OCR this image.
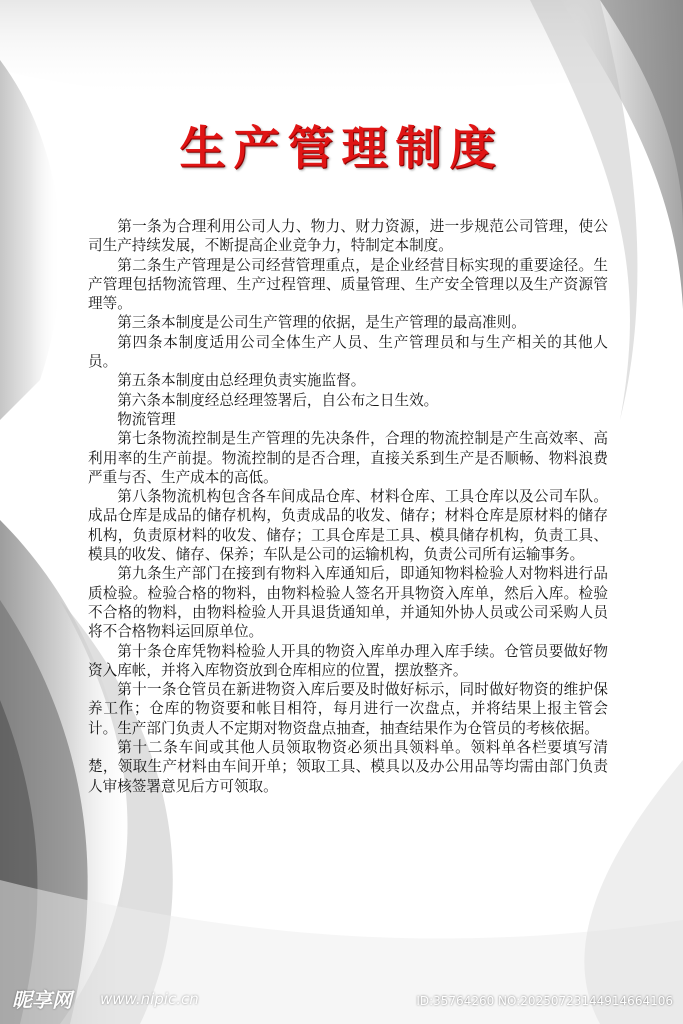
生产管理制度

第一条为合理利用公司人力、物力、财力资源，进一步规范公司管理，使公司生产持续发展，不断提高企业竞争力，特制定本制度。

第二条生产管理是公司经营管理重点，是企业经营目标实现的重要途径。生产管理包括物流管理、生产过程管理、质量管理、生产安全管理以及生产资源管理等。

第三条本制度是公司生产管理的依据，是生产管理的最高准则。

第四条本制度适用公司全体生产人员、生产管理员和与生产相关的其他人员。

第五条本制度由总经理负责实施监督。

第六条本制度经总经理签署后，自公布之日生效。

物流管理

第七条物流控制是生产管理的先决条件，合理的物流控制是产生高效率、高利用率的生产前提。物流控制的是否合理，直接关系到生产是否顺畅、物料浪费严重与否、生产成本的高低。

第八条物流机构包含各车间成品仓库、材料仓库、工具仓库以及公司车队。成品仓库是成品的储存机构，负责成品的收发、储存；材料仓库是原材料的储存机构，负责原材料的收发、储存；工具仓库是工具、模具储存机构，负责工具、模具的收发、储存、保养；车队是公司的运输机构，负责公司所有运输事务。

第九条生产部门在接到有物料入库通知后，即通知物料检验人对物料进行品质检验。检验合格的物料，由物料检验人签名开具物资入库单，然后入库。检验不合格的物料，由物料检验人开具退货通知单，并通知外协人员或公司采购人员将不合格物料运回原单位。

第十条仓库凭物料检验人开具的物资入库单办理入库手续。仓管员要做好物资入库帐，并将入库物资放到仓库相应的位置，摆放整齐。

第十一条仓管员在新进物资入库后要及时做好标示，同时做好物资的维护保养工作；仓库的物资要和帐目相符，每月进行一次盘点，并将结果上报主管会计。生产部门负责人不定期对物资盘点抽查，抽查结果作为仓管员的考核依据。

第十二条车间或其他人员领取物资必须出具领料单。领料单各栏要填写清楚，领取生产材料由车间开单；领取工具、模具以及办公用品等均需由部门负责人审核签署意见后方可领取。

昵享网 www.nipic.cn	ID:35764260 NO:20250723144914664106
